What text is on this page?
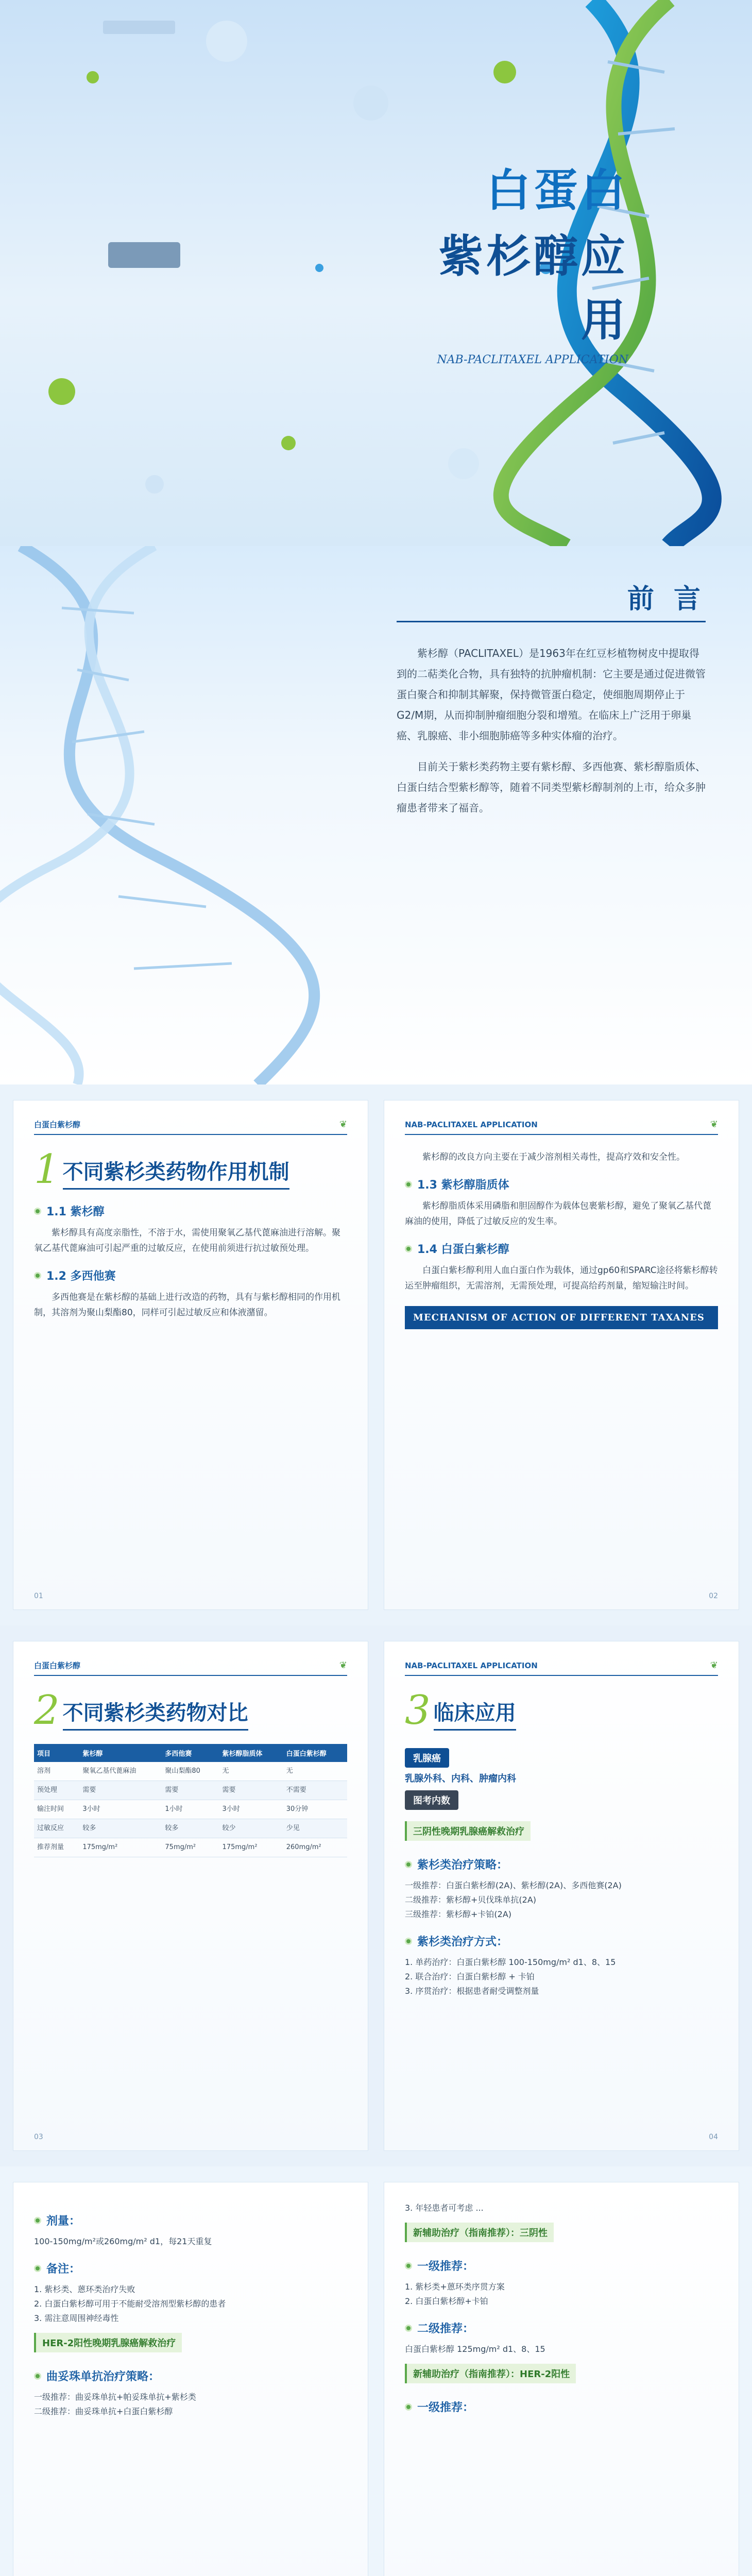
白蛋白
紫杉醇应用
NAB-PACLITAXEL APPLICATION
前 言

紫杉醇（PACLITAXEL）是1963年在红豆杉植物树皮中提取得到的二萜类化合物，具有独特的抗肿瘤机制：它主要是通过促进微管蛋白聚合和抑制其解聚，保持微管蛋白稳定，使细胞周期停止于G2/M期，从而抑制肿瘤细胞分裂和增殖。在临床上广泛用于卵巢癌、乳腺癌、非小细胞肺癌等多种实体瘤的治疗。

目前关于紫杉类药物主要有紫杉醇、多西他赛、紫杉醇脂质体、白蛋白结合型紫杉醇等，随着不同类型紫杉醇制剂的上市，给众多肿瘤患者带来了福音。

白蛋白紫杉醇	❦
1 不同紫杉类药物作用机制
1.1 紫杉醇

紫杉醇具有高度亲脂性，不溶于水，需使用聚氧乙基代蓖麻油进行溶解。聚氧乙基代蓖麻油可引起严重的过敏反应，在使用前须进行抗过敏预处理。

1.2 多西他赛

多西他赛是在紫杉醇的基础上进行改造的药物，具有与紫杉醇相同的作用机制，其溶剂为聚山梨酯80，同样可引起过敏反应和体液潴留。

01
NAB-PACLITAXEL APPLICATION	❦

紫杉醇的改良方向主要在于减少溶剂相关毒性，提高疗效和安全性。

1.3 紫杉醇脂质体

紫杉醇脂质体采用磷脂和胆固醇作为载体包裹紫杉醇，避免了聚氧乙基代蓖麻油的使用，降低了过敏反应的发生率。

1.4 白蛋白紫杉醇

白蛋白紫杉醇利用人血白蛋白作为载体，通过gp60和SPARC途径将紫杉醇转运至肿瘤组织，无需溶剂，无需预处理，可提高给药剂量，缩短输注时间。

MECHANISM OF ACTION OF DIFFERENT TAXANES
02
白蛋白紫杉醇	❦
2 不同紫杉类药物对比
项目	紫杉醇	多西他赛	紫杉醇脂质体	白蛋白紫杉醇
溶剂	聚氧乙基代蓖麻油	聚山梨酯80	无	无
预处理	需要	需要	需要	不需要
输注时间	3小时	1小时	3小时	30分钟
过敏反应	较多	较多	较少	少见
推荐剂量	175mg/m²	75mg/m²	175mg/m²	260mg/m²
03
NAB-PACLITAXEL APPLICATION	❦
3 临床应用
乳腺癌
乳腺外科、内科、肿瘤内科
图考内数
三阴性晚期乳腺癌解救治疗
紫杉类治疗策略：
一级推荐：白蛋白紫杉醇(2A)、紫杉醇(2A)、多西他赛(2A)
二级推荐：紫杉醇+贝伐珠单抗(2A)
三级推荐：紫杉醇+卡铂(2A)
紫杉类治疗方式：
1. 单药治疗：白蛋白紫杉醇 100-150mg/m² d1、8、15
2. 联合治疗：白蛋白紫杉醇 + 卡铂
3. 序贯治疗：根据患者耐受调整剂量
04
剂量：
100-150mg/m²或260mg/m² d1，每21天重复
备注：
1. 紫杉类、蒽环类治疗失败
2. 白蛋白紫杉醇可用于不能耐受溶剂型紫杉醇的患者
3. 需注意周围神经毒性
HER-2阳性晚期乳腺癌解救治疗
曲妥珠单抗治疗策略：
一级推荐：曲妥珠单抗+帕妥珠单抗+紫杉类
二级推荐：曲妥珠单抗+白蛋白紫杉醇
3. 年轻患者可考虑 ...
新辅助治疗（指南推荐）：三阴性
一级推荐：
1. 紫杉类+蒽环类序贯方案
2. 白蛋白紫杉醇+卡铂
二级推荐：
白蛋白紫杉醇 125mg/m² d1、8、15
新辅助治疗（指南推荐）：HER-2阳性
一级推荐：
